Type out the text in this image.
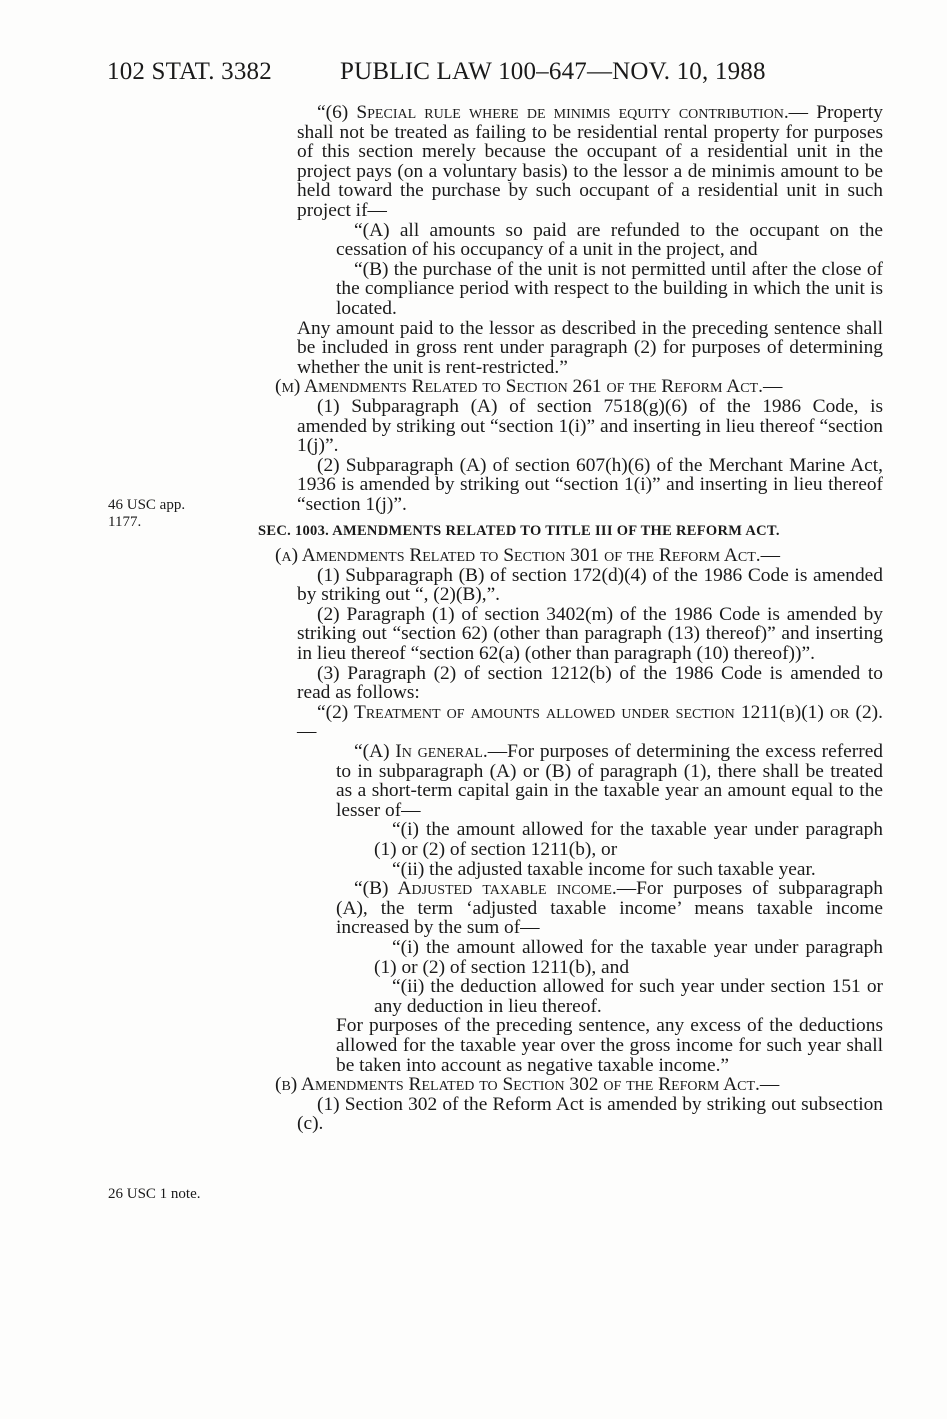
102 STAT. 3382	PUBLIC LAW 100–647—NOV. 10, 1988
46 USC app. 1177.
26 USC 1 note.

“(6) Special rule where de minimis equity contribution.— Property shall not be treated as failing to be residential rental property for purposes of this section merely because the occupant of a residential unit in the project pays (on a voluntary basis) to the lessor a de minimis amount to be held toward the purchase by such occupant of a residential unit in such project if—

“(A) all amounts so paid are refunded to the occupant on the cessation of his occupancy of a unit in the project, and

“(B) the purchase of the unit is not permitted until after the close of the compliance period with respect to the building in which the unit is located.

Any amount paid to the lessor as described in the preceding sentence shall be included in gross rent under paragraph (2) for purposes of determining whether the unit is rent-restricted.”

(m) Amendments Related to Section 261 of the Reform Act.—

(1) Subparagraph (A) of section 7518(g)(6) of the 1986 Code, is amended by striking out “section 1(i)” and inserting in lieu thereof “section 1(j)”.

(2) Subparagraph (A) of section 607(h)(6) of the Merchant Marine Act, 1936 is amended by striking out “section 1(i)” and inserting in lieu thereof “section 1(j)”.

SEC. 1003. AMENDMENTS RELATED TO TITLE III OF THE REFORM ACT.

(a) Amendments Related to Section 301 of the Reform Act.—

(1) Subparagraph (B) of section 172(d)(4) of the 1986 Code is amended by striking out “, (2)(B),”.

(2) Paragraph (1) of section 3402(m) of the 1986 Code is amended by striking out “section 62) (other than paragraph (13) thereof)” and inserting in lieu thereof “section 62(a) (other than paragraph (10) thereof))”.

(3) Paragraph (2) of section 1212(b) of the 1986 Code is amended to read as follows:

“(2) Treatment of amounts allowed under section 1211(b)(1) or (2).—

“(A) In general.—For purposes of determining the excess referred to in subparagraph (A) or (B) of paragraph (1), there shall be treated as a short-term capital gain in the taxable year an amount equal to the lesser of—

“(i) the amount allowed for the taxable year under paragraph (1) or (2) of section 1211(b), or

“(ii) the adjusted taxable income for such taxable year.

“(B) Adjusted taxable income.—For purposes of subparagraph (A), the term ‘adjusted taxable income’ means taxable income increased by the sum of—

“(i) the amount allowed for the taxable year under paragraph (1) or (2) of section 1211(b), and

“(ii) the deduction allowed for such year under section 151 or any deduction in lieu thereof.

For purposes of the preceding sentence, any excess of the deductions allowed for the taxable year over the gross income for such year shall be taken into account as negative taxable income.”

(b) Amendments Related to Section 302 of the Reform Act.—

(1) Section 302 of the Reform Act is amended by striking out subsection (c).
